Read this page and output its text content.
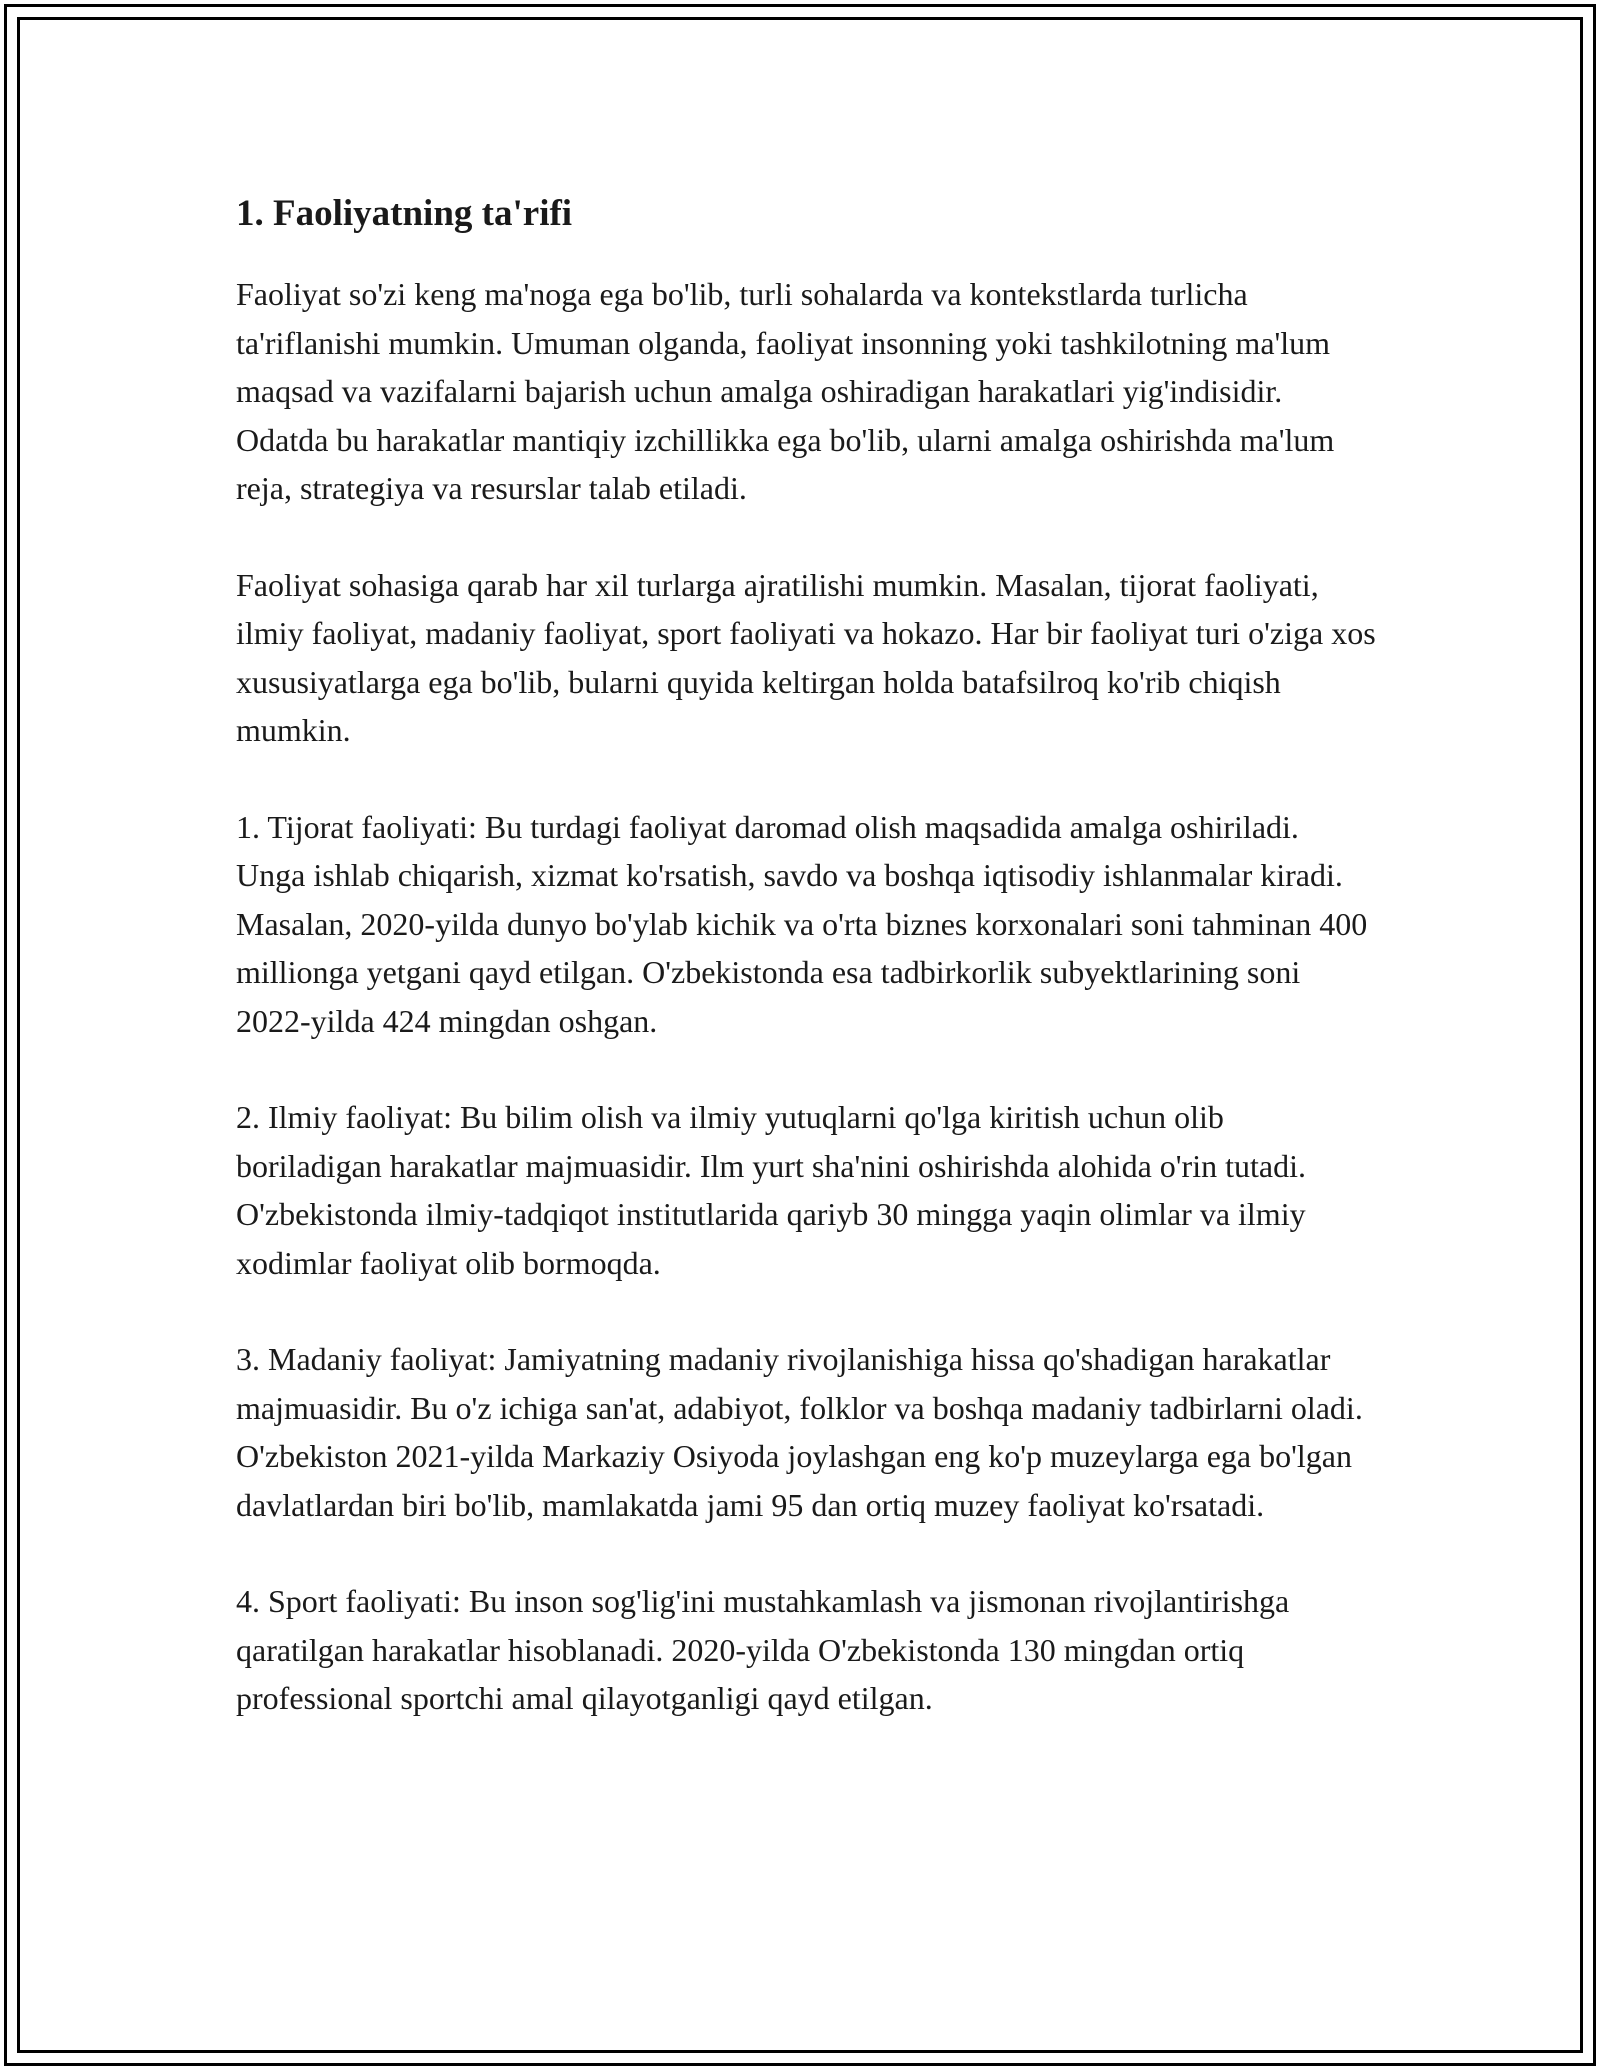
1. Faoliyatning ta'rifi

Faoliyat so'zi keng ma'noga ega bo'lib, turli sohalarda va kontekstlarda turlicha ta'riflanishi mumkin. Umuman olganda, faoliyat insonning yoki tashkilotning ma'lum maqsad va vazifalarni bajarish uchun amalga oshiradigan harakatlari yig'indisidir. Odatda bu harakatlar mantiqiy izchillikka ega bo'lib, ularni amalga oshirishda ma'lum reja, strategiya va resurslar talab etiladi.

Faoliyat sohasiga qarab har xil turlarga ajratilishi mumkin. Masalan, tijorat faoliyati, ilmiy faoliyat, madaniy faoliyat, sport faoliyati va hokazo. Har bir faoliyat turi o'ziga xos xususiyatlarga ega bo'lib, bularni quyida keltirgan holda batafsilroq ko'rib chiqish mumkin.

1. Tijorat faoliyati: Bu turdagi faoliyat daromad olish maqsadida amalga oshiriladi. Unga ishlab chiqarish, xizmat ko'rsatish, savdo va boshqa iqtisodiy ishlanmalar kiradi. Masalan, 2020-yilda dunyo bo'ylab kichik va o'rta biznes korxonalari soni tahminan 400 millionga yetgani qayd etilgan. O'zbekistonda esa tadbirkorlik subyektlarining soni 2022-yilda 424 mingdan oshgan.

2. Ilmiy faoliyat: Bu bilim olish va ilmiy yutuqlarni qo'lga kiritish uchun olib boriladigan harakatlar majmuasidir. Ilm yurt sha'nini oshirishda alohida o'rin tutadi. O'zbekistonda ilmiy-tadqiqot institutlarida qariyb 30 mingga yaqin olimlar va ilmiy xodimlar faoliyat olib bormoqda.

3. Madaniy faoliyat: Jamiyatning madaniy rivojlanishiga hissa qo'shadigan harakatlar majmuasidir. Bu o'z ichiga san'at, adabiyot, folklor va boshqa madaniy tadbirlarni oladi. O'zbekiston 2021-yilda Markaziy Osiyoda joylashgan eng ko'p muzeylarga ega bo'lgan davlatlardan biri bo'lib, mamlakatda jami 95 dan ortiq muzey faoliyat ko'rsatadi.

4. Sport faoliyati: Bu inson sog'lig'ini mustahkamlash va jismonan rivojlantirishga qaratilgan harakatlar hisoblanadi. 2020-yilda O'zbekistonda 130 mingdan ortiq professional sportchi amal qilayotganligi qayd etilgan.
